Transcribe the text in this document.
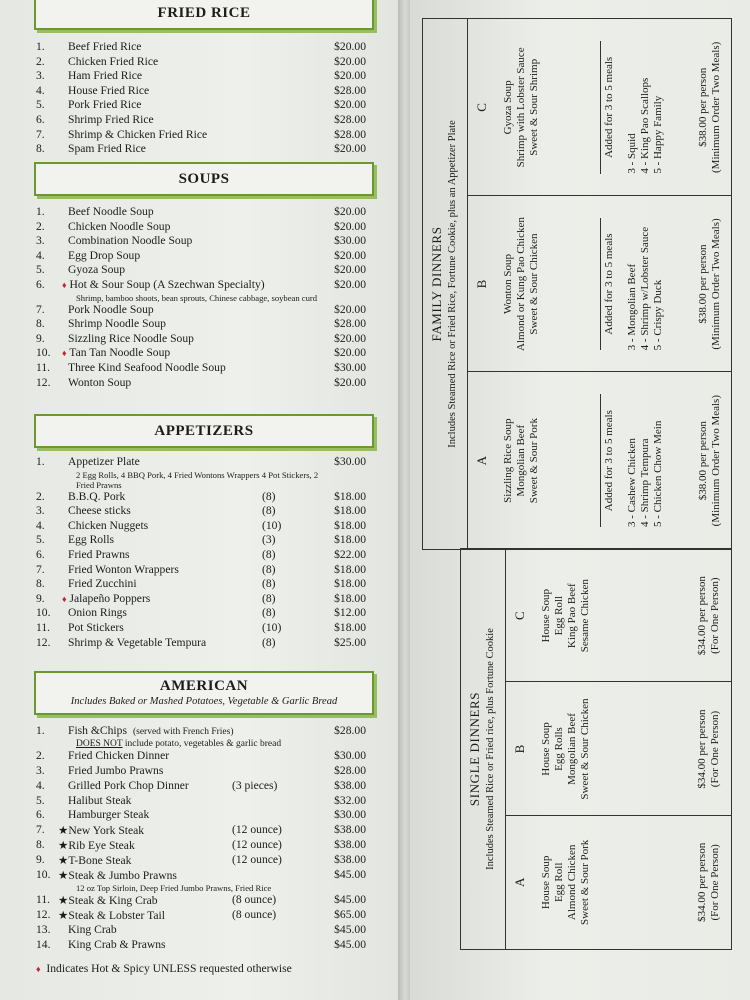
FRIED RICE
1.	Beef Fried Rice	$20.00
2.	Chicken Fried Rice	$20.00
3.	Ham Fried Rice	$20.00
4.	House Fried Rice	$28.00
5.	Pork Fried Rice	$20.00
6.	Shrimp Fried Rice	$28.00
7.	Shrimp & Chicken Fried Rice	$28.00
8.	Spam Fried Rice	$20.00
SOUPS
1.	Beef Noodle Soup	$20.00
2.	Chicken Noodle Soup	$20.00
3.	Combination Noodle Soup	$30.00
4.	Egg Drop Soup	$20.00
5.	Gyoza Soup	$20.00
6.	♦ Hot & Sour Soup (A Szechwan Specialty)	$20.00
Shrimp, bamboo shoots, bean sprouts, Chinese cabbage, soybean curd
7.	Pork Noodle Soup	$20.00
8.	Shrimp Noodle Soup	$28.00
9.	Sizzling Rice Noodle Soup	$20.00
10.	♦ Tan Tan Noodle Soup	$20.00
11.	Three Kind Seafood Noodle Soup	$30.00
12.	Wonton Soup	$20.00
APPETIZERS
1.	Appetizer Plate	$30.00
2 Egg Rolls, 4 BBQ Pork, 4 Fried Wontons Wrappers 4 Pot Stickers, 2 Fried Prawns
2.	B.B.Q. Pork	(8)	$18.00
3.	Cheese sticks	(8)	$18.00
4.	Chicken Nuggets	(10)	$18.00
5.	Egg Rolls	(3)	$18.00
6.	Fried Prawns	(8)	$22.00
7.	Fried Wonton Wrappers	(8)	$18.00
8.	Fried Zucchini	(8)	$18.00
9.	♦ Jalapeño Poppers	(8)	$18.00
10.	Onion Rings	(8)	$12.00
11.	Pot Stickers	(10)	$18.00
12.	Shrimp & Vegetable Tempura	(8)	$25.00
AMERICAN
Includes Baked or Mashed Potatoes, Vegetable & Garlic Bread
1.	Fish &Chips (served with French Fries)	$28.00
DOES NOT include potato, vegetables & garlic bread
2.	Fried Chicken Dinner	$30.00
3.	Fried Jumbo Prawns	$28.00
4.	Grilled Pork Chop Dinner	(3 pieces)	$38.00
5.	Halibut Steak	$32.00
6.	Hamburger Steak	$30.00
7.	★New York Steak	(12 ounce)	$38.00
8.	★Rib Eye Steak	(12 ounce)	$38.00
9.	★T-Bone Steak	(12 ounce)	$38.00
10. ★Steak & Jumbo Prawns	$45.00
12 oz Top Sirloin, Deep Fried Jumbo Prawns, Fried Rice
11. ★Steak & King Crab	(8 ounce)	$45.00
12. ★Steak & Lobster Tail	(8 ounce)	$65.00
13.	King Crab	$45.00
14.	King Crab & Prawns	$45.00
♦ Indicates Hot & Spicy UNLESS requested otherwise
SINGLE DINNERS Includes Steamed Rice or Fried rice, plus Fortune Cookie
A House Soup Egg Roll Almond Chicken Sweet & Sour Pork	$34.00 per person (For One Person)
B House Soup Egg Rolls Mongolian Beef Sweet & Sour Chicken	$34.00 per person (For One Person)
C House Soup Egg Roll King Pao Beef Sesame Chicken	$34.00 per person (For One Person)
FAMILY DINNERS Includes Steamed Rice or Fried Rice, Fortune Cookie, plus an Appetizer Plate
A Sizzling Rice Soup Mongolian Beef Sweet & Sour Pork	Added for 3 to 5 meals 3 - Cashew Chicken 4 - Shrimp Tempura 5 - Chicken Chow Mein	$38.00 per person (Minimum Order Two Meals)
B Wonton Soup Almond or Kung Pao Chicken Sweet & Sour Chicken	Added for 3 to 5 meals 3 - Mongolian Beef 4 - Shrimp w/Lobster Sauce 5 - Crispy Duck	$38.00 per person (Minimum Order Two Meals)
C Gyoza Soup Shrimp with Lobster Sauce Sweet & Sour Shrimp	Added for 3 to 5 meals 3 - Squid 4 - King Pao Scallops 5 - Happy Family	$38.00 per person (Minimum Order Two Meals)
